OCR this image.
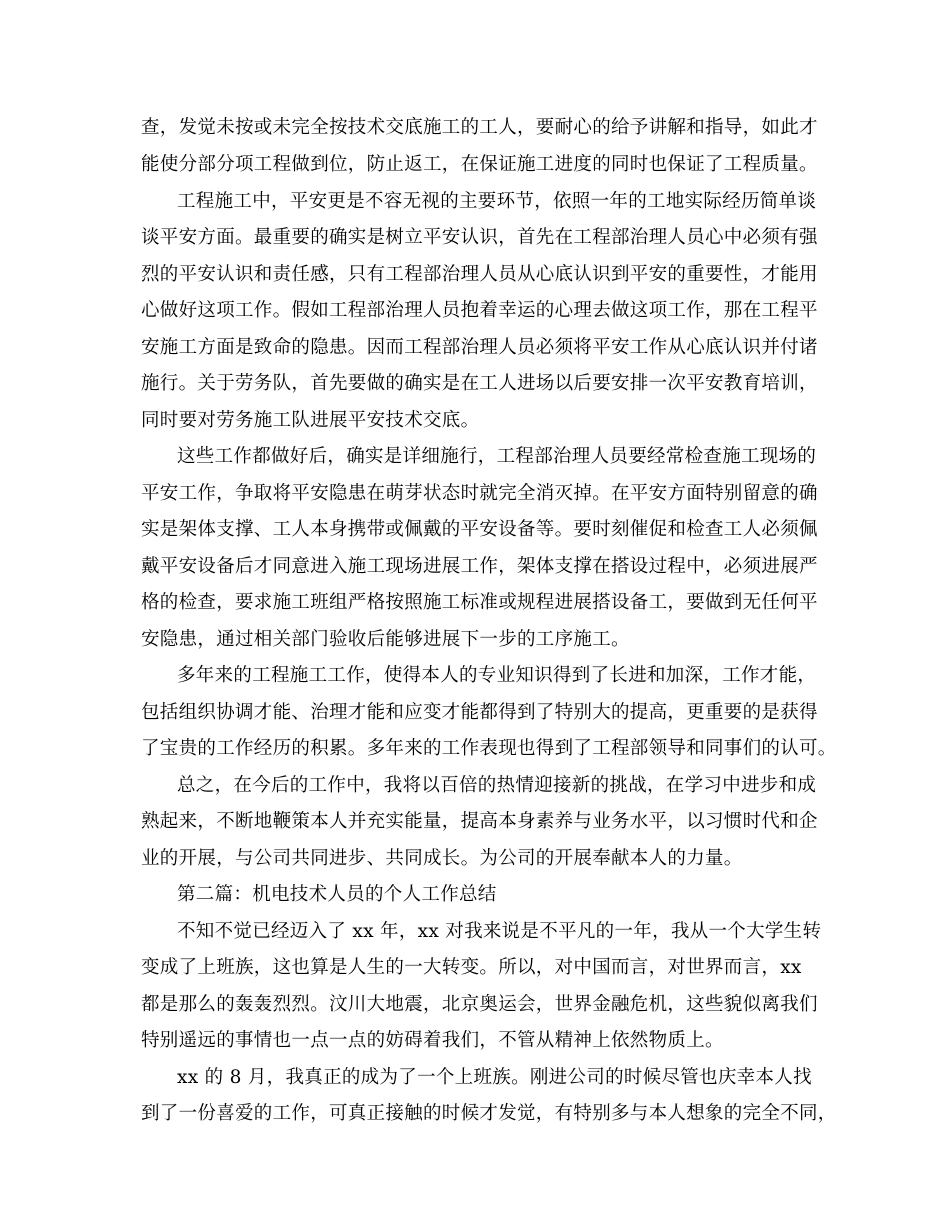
查，发觉未按或未完全按技术交底施工的工人，要耐心的给予讲解和指导，如此才

能使分部分项工程做到位，防止返工，在保证施工进度的同时也保证了工程质量。

工程施工中，平安更是不容无视的主要环节，依照一年的工地实际经历简单谈

谈平安方面。最重要的确实是树立平安认识，首先在工程部治理人员心中必须有强

烈的平安认识和责任感，只有工程部治理人员从心底认识到平安的重要性，才能用

心做好这项工作。假如工程部治理人员抱着幸运的心理去做这项工作，那在工程平

安施工方面是致命的隐患。因而工程部治理人员必须将平安工作从心底认识并付诸

施行。关于劳务队，首先要做的确实是在工人进场以后要安排一次平安教育培训，

同时要对劳务施工队进展平安技术交底。

这些工作都做好后，确实是详细施行，工程部治理人员要经常检查施工现场的

平安工作，争取将平安隐患在萌芽状态时就完全消灭掉。在平安方面特别留意的确

实是架体支撑、工人本身携带或佩戴的平安设备等。要时刻催促和检查工人必须佩

戴平安设备后才同意进入施工现场进展工作，架体支撑在搭设过程中，必须进展严

格的检查，要求施工班组严格按照施工标准或规程进展搭设备工，要做到无任何平

安隐患，通过相关部门验收后能够进展下一步的工序施工。

多年来的工程施工工作，使得本人的专业知识得到了长进和加深，工作才能，

包括组织协调才能、治理才能和应变才能都得到了特别大的提高，更重要的是获得

了宝贵的工作经历的积累。多年来的工作表现也得到了工程部领导和同事们的认可。

总之，在今后的工作中，我将以百倍的热情迎接新的挑战，在学习中进步和成

熟起来，不断地鞭策本人并充实能量，提高本身素养与业务水平，以习惯时代和企

业的开展，与公司共同进步、共同成长。为公司的开展奉献本人的力量。

第二篇：机电技术人员的个人工作总结

不知不觉已经迈入了 xx 年，xx 对我来说是不平凡的一年，我从一个大学生转

变成了上班族，这也算是人生的一大转变。所以，对中国而言，对世界而言，xx

都是那么的轰轰烈烈。汶川大地震，北京奥运会，世界金融危机，这些貌似离我们

特别遥远的事情也一点一点的妨碍着我们，不管从精神上依然物质上。

xx 的 8 月，我真正的成为了一个上班族。刚进公司的时候尽管也庆幸本人找

到了一份喜爱的工作，可真正接触的时候才发觉，有特别多与本人想象的完全不同，
